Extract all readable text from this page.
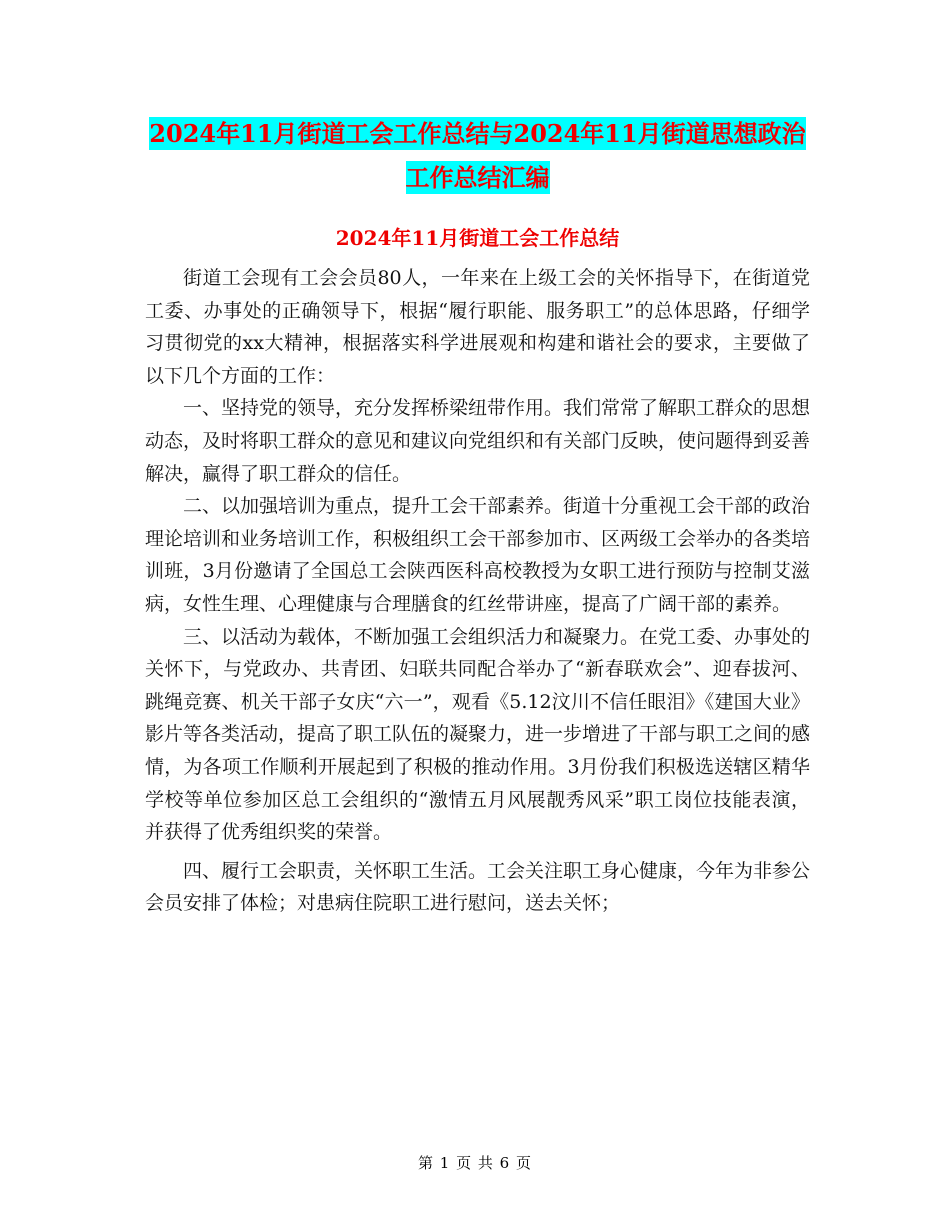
2024年11月街道工会工作总结与2024年11月街道思想政治工作总结汇编
2024年11月街道工会工作总结

街道工会现有工会会员80人，一年来在上级工会的关怀指导下，在街道党工委、办事处的正确领导下，根据“履行职能、服务职工”的总体思路，仔细学习贯彻党的xx大精神，根据落实科学进展观和构建和谐社会的要求，主要做了以下几个方面的工作：

一、坚持党的领导，充分发挥桥梁纽带作用。我们常常了解职工群众的思想动态，及时将职工群众的意见和建议向党组织和有关部门反映，使问题得到妥善解决，赢得了职工群众的信任。

二、以加强培训为重点，提升工会干部素养。街道十分重视工会干部的政治理论培训和业务培训工作，积极组织工会干部参加市、区两级工会举办的各类培训班，3月份邀请了全国总工会陕西医科高校教授为女职工进行预防与控制艾滋病，女性生理、心理健康与合理膳食的红丝带讲座，提高了广阔干部的素养。

三、以活动为载体，不断加强工会组织活力和凝聚力。在党工委、办事处的关怀下，与党政办、共青团、妇联共同配合举办了“新春联欢会”、迎春拔河、跳绳竞赛、机关干部子女庆“六一”，观看《5.12汶川不信任眼泪》《建国大业》影片等各类活动，提高了职工队伍的凝聚力，进一步增进了干部与职工之间的感情，为各项工作顺利开展起到了积极的推动作用。3月份我们积极选送辖区精华学校等单位参加区总工会组织的“激情五月风展靓秀风采”职工岗位技能表演，并获得了优秀组织奖的荣誉。

四、履行工会职责，关怀职工生活。工会关注职工身心健康，今年为非参公会员安排了体检；对患病住院职工进行慰问，送去关怀；

第 1 页 共 6 页
